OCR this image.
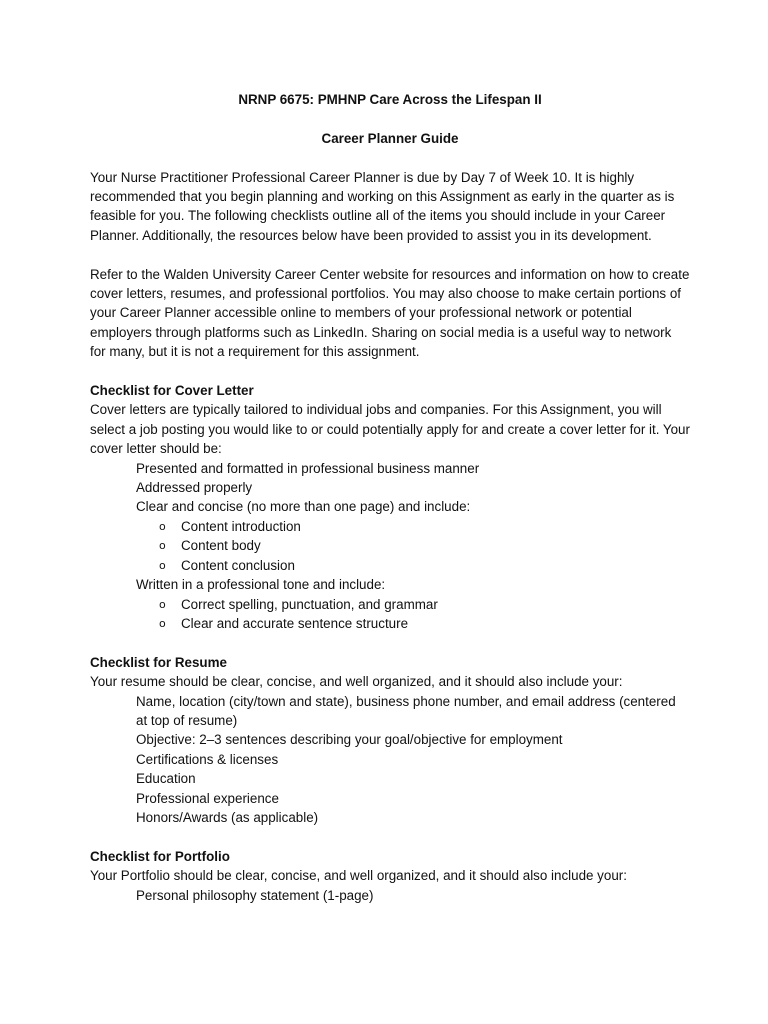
NRNP 6675: PMHNP Care Across the Lifespan II

Career Planner Guide

Your Nurse Practitioner Professional Career Planner is due by Day 7 of Week 10. It is highly recommended that you begin planning and working on this Assignment as early in the quarter as is feasible for you. The following checklists outline all of the items you should include in your Career Planner. Additionally, the resources below have been provided to assist you in its development.

Refer to the Walden University Career Center website for resources and information on how to create cover letters, resumes, and professional portfolios. You may also choose to make certain portions of your Career Planner accessible online to members of your professional network or potential employers through platforms such as LinkedIn. Sharing on social media is a useful way to network for many, but it is not a requirement for this assignment.

Checklist for Cover Letter

Cover letters are typically tailored to individual jobs and companies. For this Assignment, you will select a job posting you would like to or could potentially apply for and create a cover letter for it. Your cover letter should be:

Presented and formatted in professional business manner
Addressed properly
Clear and concise (no more than one page) and include:
o Content introduction
o Content body
o Content conclusion
Written in a professional tone and include:
o Correct spelling, punctuation, and grammar
o Clear and accurate sentence structure

Checklist for Resume

Your resume should be clear, concise, and well organized, and it should also include your:

Name, location (city/town and state), business phone number, and email address (centered at top of resume)
Objective: 2–3 sentences describing your goal/objective for employment
Certifications & licenses
Education
Professional experience
Honors/Awards (as applicable)

Checklist for Portfolio

Your Portfolio should be clear, concise, and well organized, and it should also include your:

Personal philosophy statement (1-page)
